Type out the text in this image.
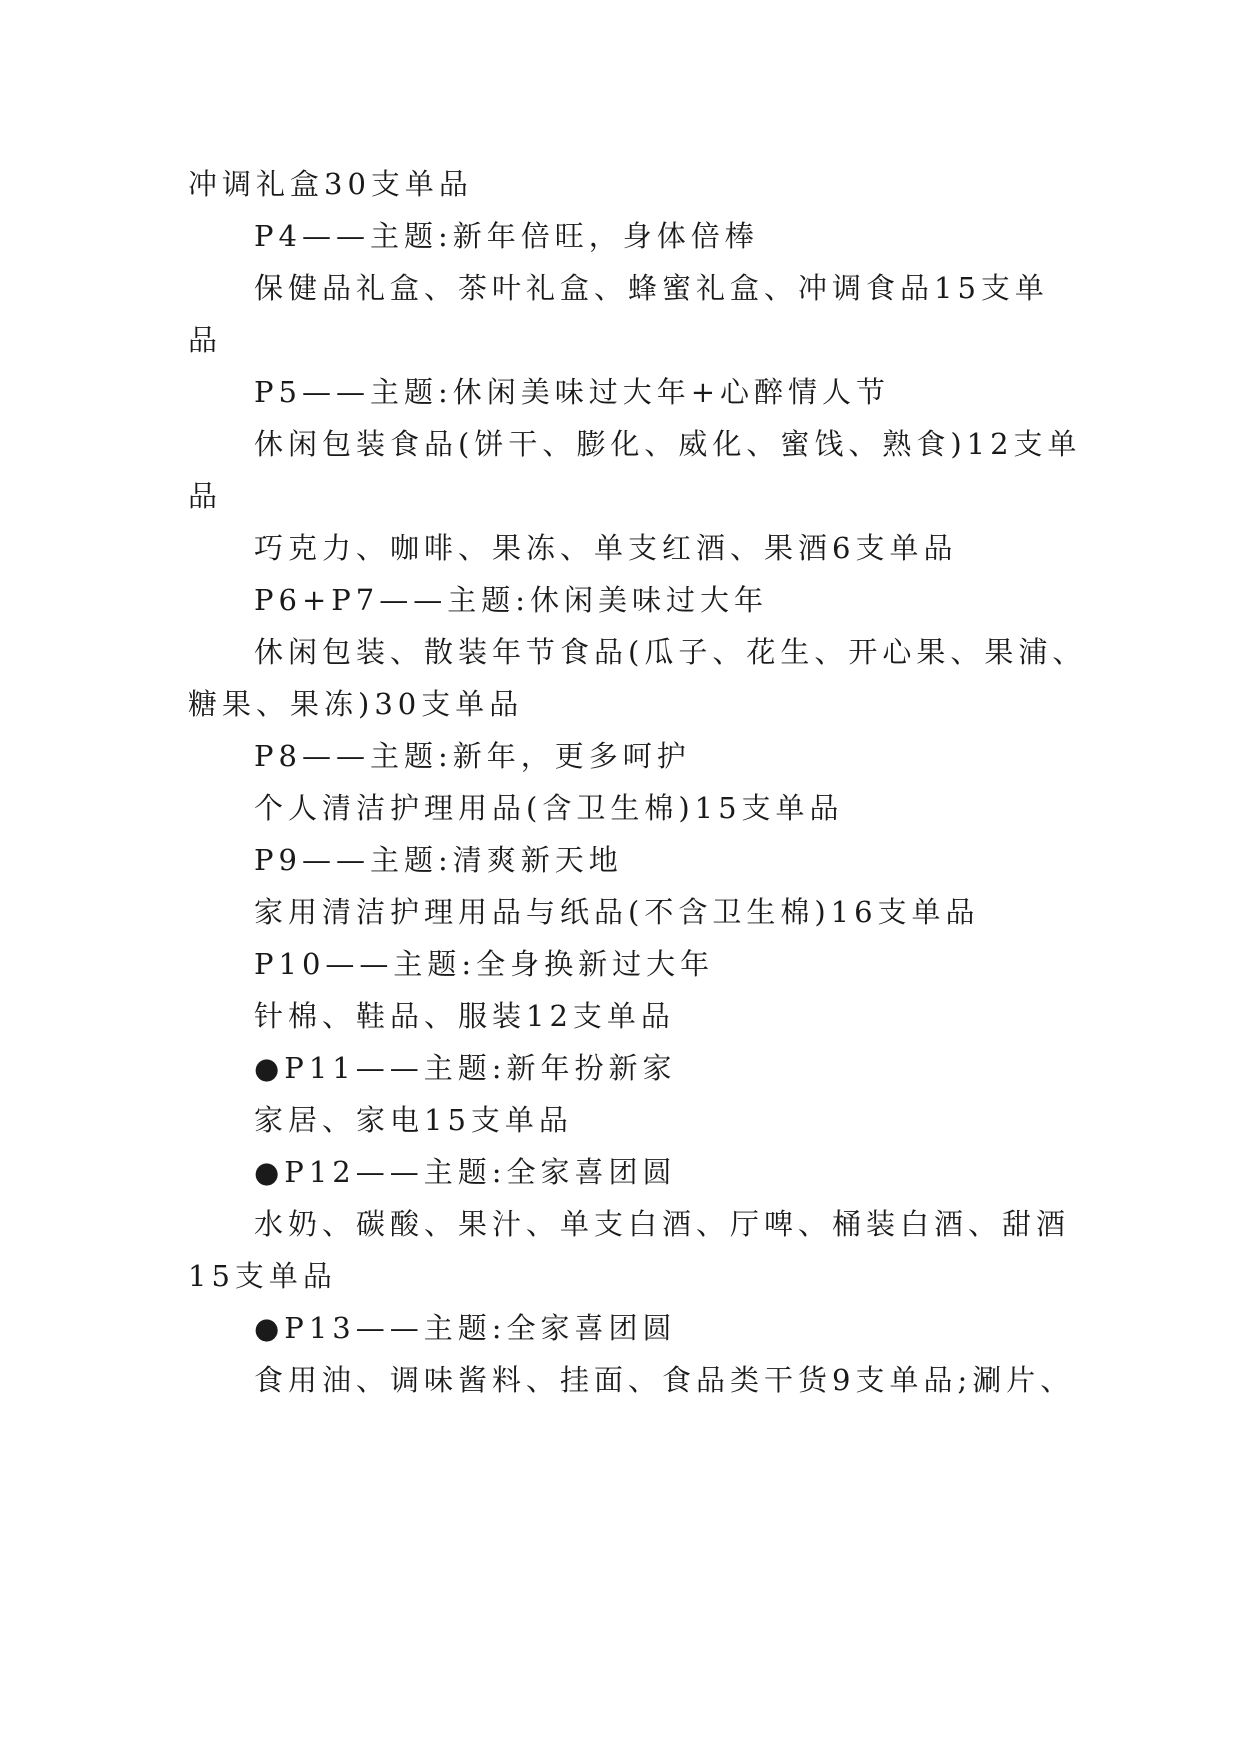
冲调礼盒30支单品
P4——主题:新年倍旺，身体倍棒
保健品礼盒、茶叶礼盒、蜂蜜礼盒、冲调食品15支单
品
P5——主题:休闲美味过大年+心醉情人节
休闲包装食品(饼干、膨化、威化、蜜饯、熟食)12支单
品
巧克力、咖啡、果冻、单支红酒、果酒6支单品
P6+P7——主题:休闲美味过大年
休闲包装、散装年节食品(瓜子、花生、开心果、果浦、
糖果、果冻)30支单品
P8——主题:新年，更多呵护
个人清洁护理用品(含卫生棉)15支单品
P9——主题:清爽新天地
家用清洁护理用品与纸品(不含卫生棉)16支单品
P10——主题:全身换新过大年
针棉、鞋品、服装12支单品
●P11——主题:新年扮新家
家居、家电15支单品
●P12——主题:全家喜团圆
水奶、碳酸、果汁、单支白酒、厅啤、桶装白酒、甜酒
15支单品
●P13——主题:全家喜团圆
食用油、调味酱料、挂面、食品类干货9支单品;涮片、
